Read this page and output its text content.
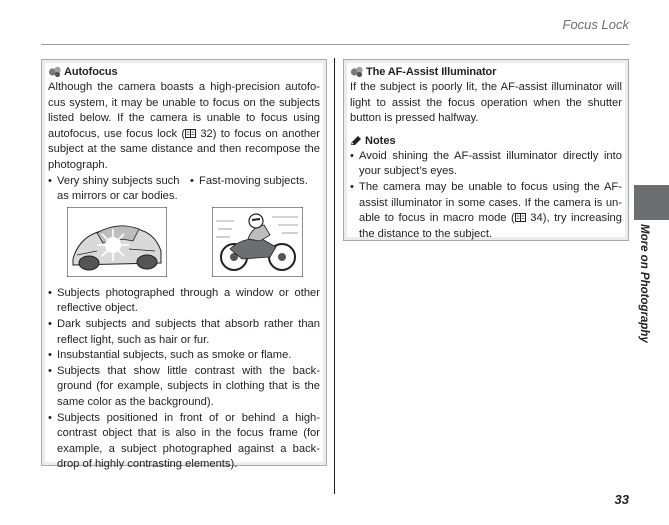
Focus Lock
Autofocus

Although the camera boasts a high-precision autofo-cus system, it may be unable to focus on the subjects listed below. If the camera is unable to focus using autofocus, use focus lock ( 32) to focus on another subject at the same distance and then recompose the photograph.

• Very shiny subjects such as mirrors or car bodies.
• Fast-moving subjects.
• Subjects photographed through a window or other reflective object.
• Dark subjects and subjects that absorb rather than reflect light, such as hair or fur.
• Insubstantial subjects, such as smoke or flame.
• Subjects that show little contrast with the back-ground (for example, subjects in clothing that is the same color as the background).
• Subjects positioned in front of or behind a high-contrast object that is also in the focus frame (for example, a subject photographed against a back-drop of highly contrasting elements).
The AF-Assist Illuminator

If the subject is poorly lit, the AF-assist illuminator will light to assist the focus operation when the shutter button is pressed halfway.

Notes
• Avoid shining the AF-assist illuminator directly into your subject’s eyes.
• The camera may be unable to focus using the AF-assist illuminator in some cases. If the camera is un-able to focus in macro mode ( 34), try increasing the distance to the subject.	More on Photography
33
